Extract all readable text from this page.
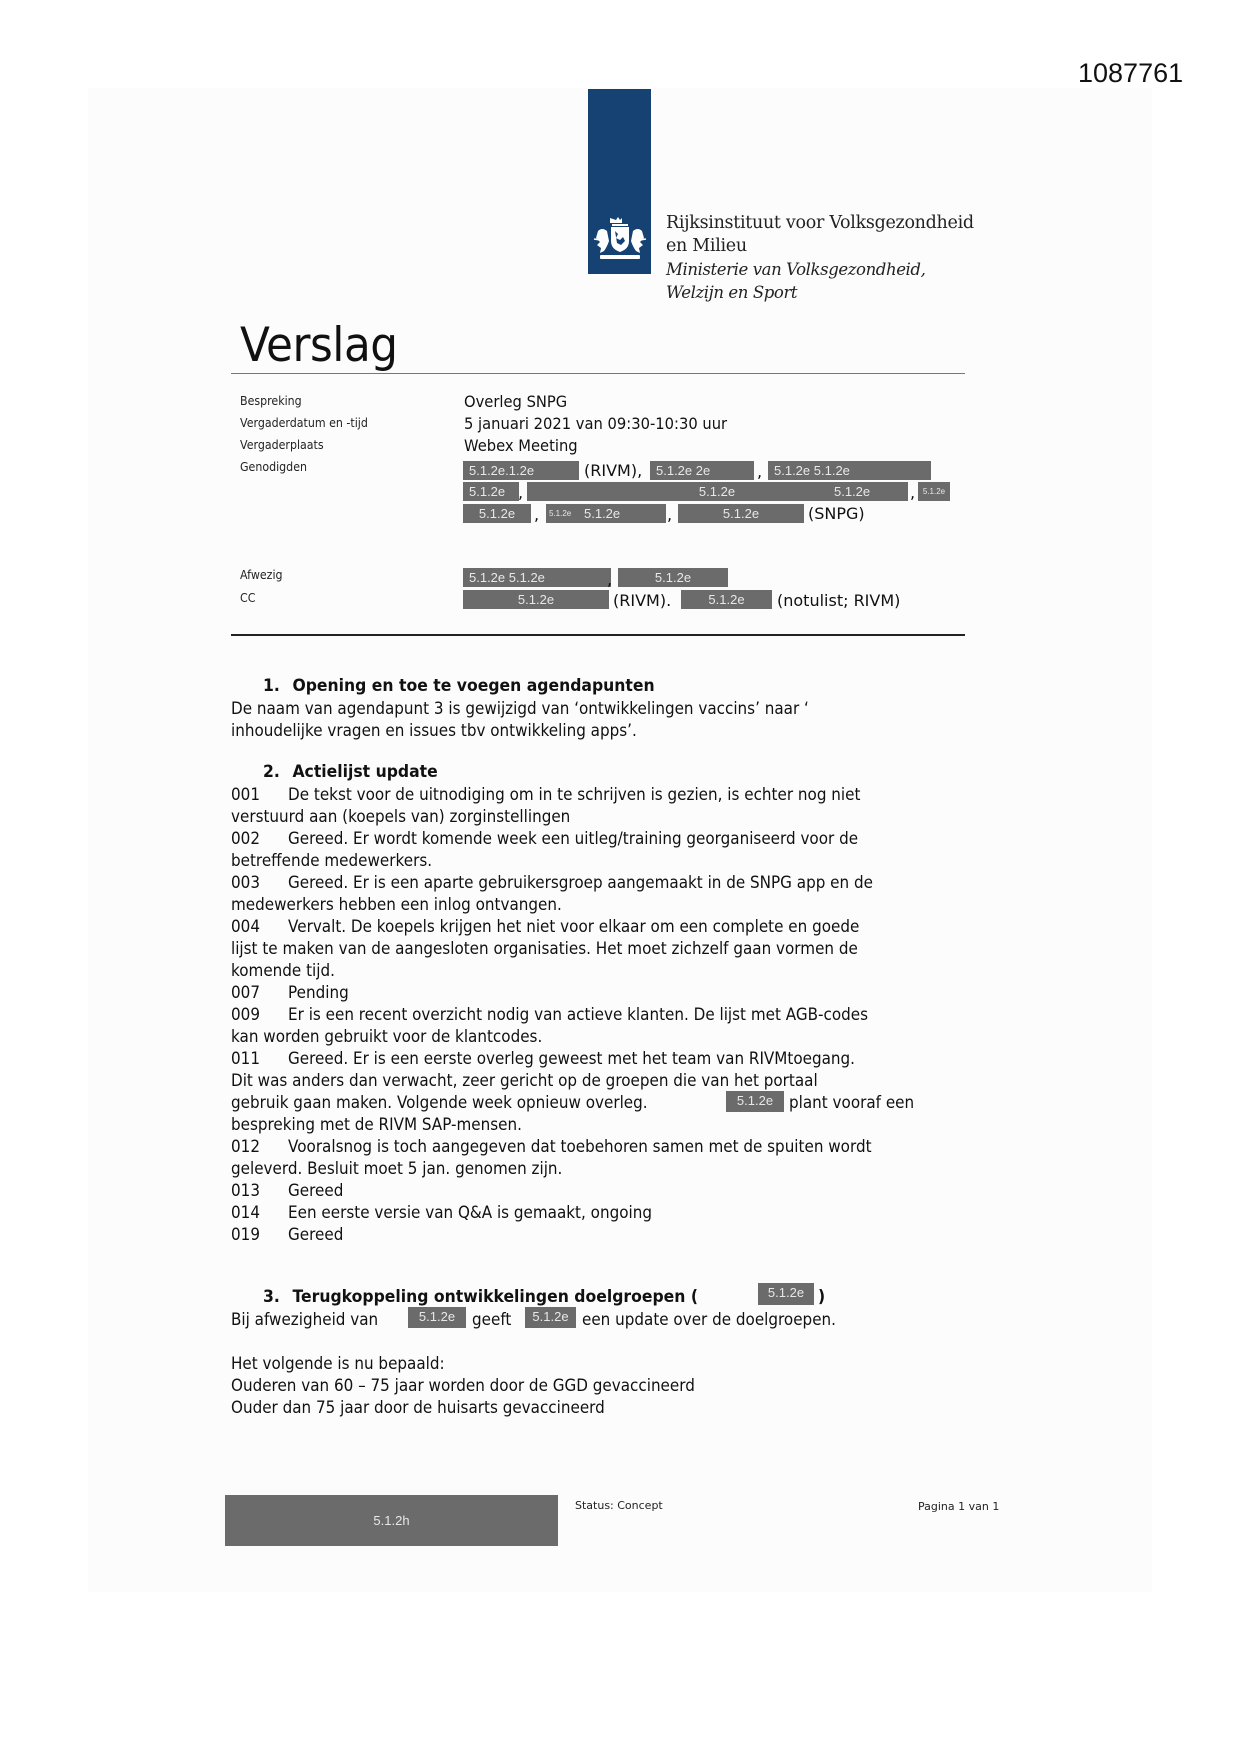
1087761
Rijksinstituut voor Volksgezondheid
en Milieu
Ministerie van Volksgezondheid,
Welzijn en Sport
Verslag
Bespreking	Overleg SNPG
Vergaderdatum en -tijd	5 januari 2021 van 09:30-10:30 uur
Vergaderplaats	Webex Meeting
Genodigden	5.1.2e.1.2e	(RIVM),	5.1.2e 2e	, 5.1.2e 5.1.2e
5.1.2e ,	5.1.2e	5.1.2e	, 5.1.2e
5.1.2e	,	5.1.2e 5.1.2e	,	5.1.2e	(SNPG)
Afwezig	5.1.2e 5.1.2e	,	5.1.2e
CC	5.1.2e	(RIVM).	5.1.2e	(notulist; RIVM)
1. Opening en toe te voegen agendapunten
De naam van agendapunt 3 is gewijzigd van ‘ontwikkelingen vaccins’ naar ‘
inhoudelijke vragen en issues tbv ontwikkeling apps’.
2. Actielijst update
001 De tekst voor de uitnodiging om in te schrijven is gezien, is echter nog niet
verstuurd aan (koepels van) zorginstellingen
002 Gereed. Er wordt komende week een uitleg/training georganiseerd voor de
betreffende medewerkers.
003 Gereed. Er is een aparte gebruikersgroep aangemaakt in de SNPG app en de
medewerkers hebben een inlog ontvangen.
004 Vervalt. De koepels krijgen het niet voor elkaar om een complete en goede
lijst te maken van de aangesloten organisaties. Het moet zichzelf gaan vormen de
komende tijd.
007 Pending
009 Er is een recent overzicht nodig van actieve klanten. De lijst met AGB-codes
kan worden gebruikt voor de klantcodes.
011 Gereed. Er is een eerste overleg geweest met het team van RIVMtoegang.
Dit was anders dan verwacht, zeer gericht op de groepen die van het portaal
gebruik gaan maken. Volgende week opnieuw overleg.	5.1.2e plant vooraf een
bespreking met de RIVM SAP-mensen.
012 Vooralsnog is toch aangegeven dat toebehoren samen met de spuiten wordt
geleverd. Besluit moet 5 jan. genomen zijn.
013 Gereed
014 Een eerste versie van Q&A is gemaakt, ongoing
019 Gereed
3. Terugkoppeling ontwikkelingen doelgroepen (	5.1.2e )
Bij afwezigheid van	5.1.2e	geeft	5.1.2e een update over de doelgroepen.
Het volgende is nu bepaald:
Ouderen van 60 – 75 jaar worden door de GGD gevaccineerd
Ouder dan 75 jaar door de huisarts gevaccineerd
5.1.2h
Status: Concept	Pagina 1 van 1
